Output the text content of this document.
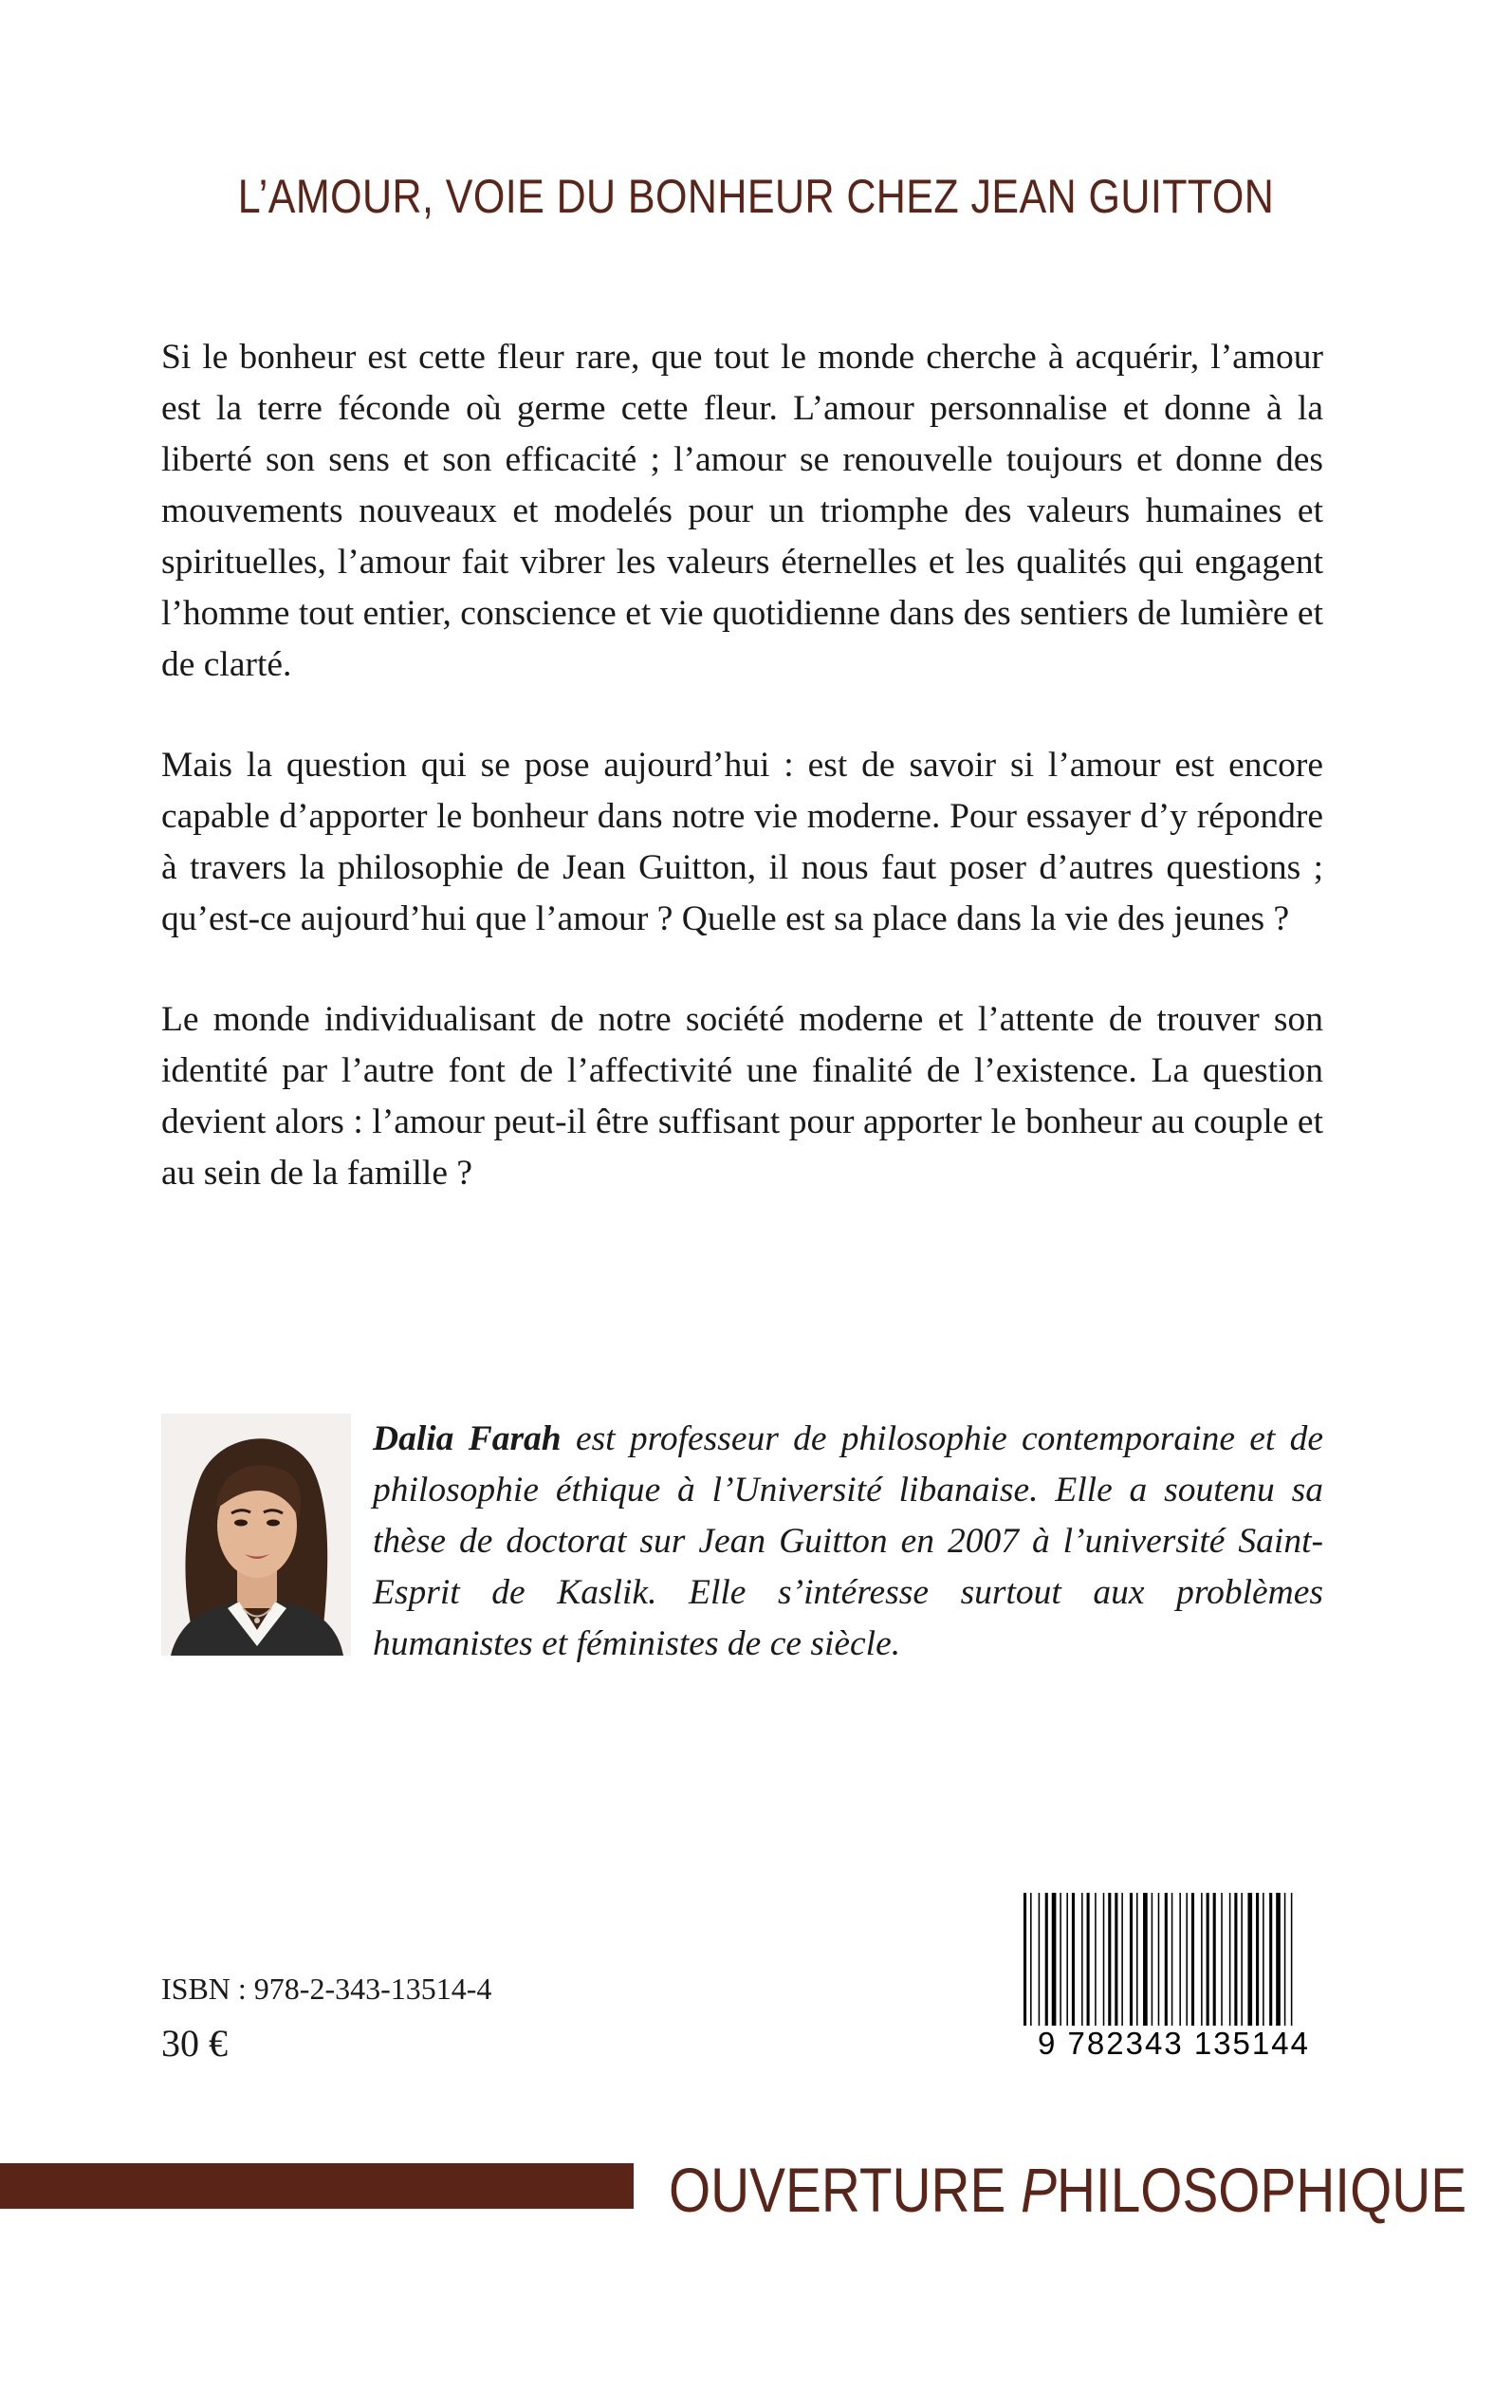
L’AMOUR, VOIE DU BONHEUR CHEZ JEAN GUITTON

Si le bonheur est cette fleur rare, que tout le monde cherche à acquérir, l’amour est la terre féconde où germe cette fleur. L’amour personnalise et donne à la liberté son sens et son efficacité ; l’amour se renouvelle toujours et donne des mouvements nouveaux et modelés pour un triomphe des valeurs humaines et spirituelles, l’amour fait vibrer les valeurs éternelles et les qualités qui engagent l’homme tout entier, conscience et vie quotidienne dans des sentiers de lumière et de clarté.

Mais la question qui se pose aujourd’hui : est de savoir si l’amour est encore capable d’apporter le bonheur dans notre vie moderne. Pour essayer d’y répondre à travers la philosophie de Jean Guitton, il nous faut poser d’autres questions ; qu’est-ce aujourd’hui que l’amour ? Quelle est sa place dans la vie des jeunes ?

Le monde individualisant de notre société moderne et l’attente de trouver son identité par l’autre font de l’affectivité une finalité de l’existence. La question devient alors : l’amour peut-il être suffisant pour apporter le bonheur au couple et au sein de la famille ?

Dalia Farah est professeur de philosophie contemporaine et de philosophie éthique à l’Université libanaise. Elle a soutenu sa thèse de doctorat sur Jean Guitton en 2007 à l’université Saint-Esprit de Kaslik. Elle s’intéresse surtout aux problèmes humanistes et féministes de ce siècle.

ISBN : 978-2-343-13514-4
30 €	9 782343 135144
OUVERTURE PHILOSOPHIQUE
